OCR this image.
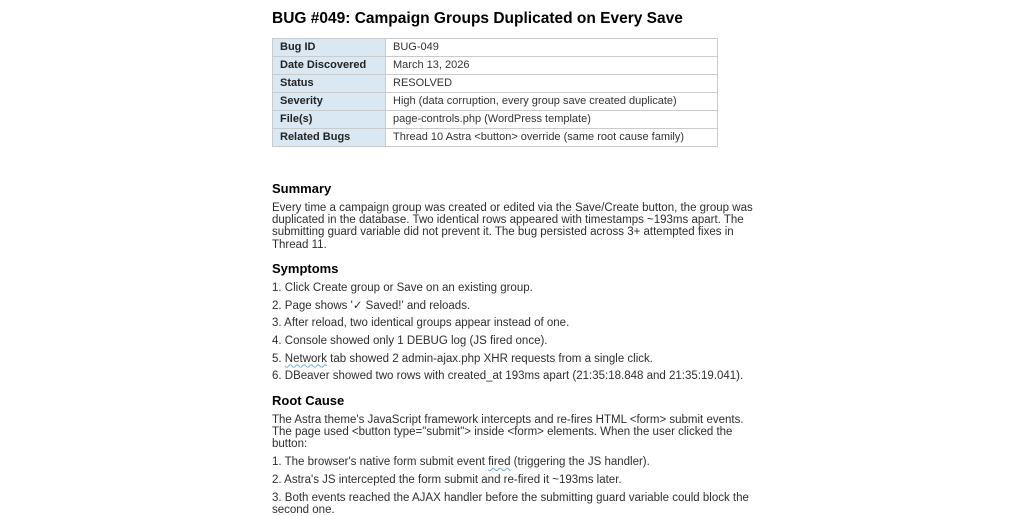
BUG #049: Campaign Groups Duplicated on Every Save
Bug ID	BUG-049
Date Discovered	March 13, 2026
Status	RESOLVED
Severity	High (data corruption, every group save created duplicate)
File(s)	page-controls.php (WordPress template)
Related Bugs	Thread 10 Astra <button> override (same root cause family)
Summary

Every time a campaign group was created or edited via the Save/Create button, the group was duplicated in the database. Two identical rows appeared with timestamps ~193ms apart. The submitting guard variable did not prevent it. The bug persisted across 3+ attempted fixes in Thread 11.

Symptoms

1. Click Create group or Save on an existing group.

2. Page shows '✓ Saved!' and reloads.

3. After reload, two identical groups appear instead of one.

4. Console showed only 1 DEBUG log (JS fired once).

5. Network tab showed 2 admin-ajax.php XHR requests from a single click.

6. DBeaver showed two rows with created_at 193ms apart (21:35:18.848 and 21:35:19.041).

Root Cause

The Astra theme's JavaScript framework intercepts and re-fires HTML <form> submit events. The page used <button type="submit"> inside <form> elements. When the user clicked the button:

1. The browser's native form submit event fired (triggering the JS handler).

2. Astra's JS intercepted the form submit and re-fired it ~193ms later.

3. Both events reached the AJAX handler before the submitting guard variable could block the second one.
